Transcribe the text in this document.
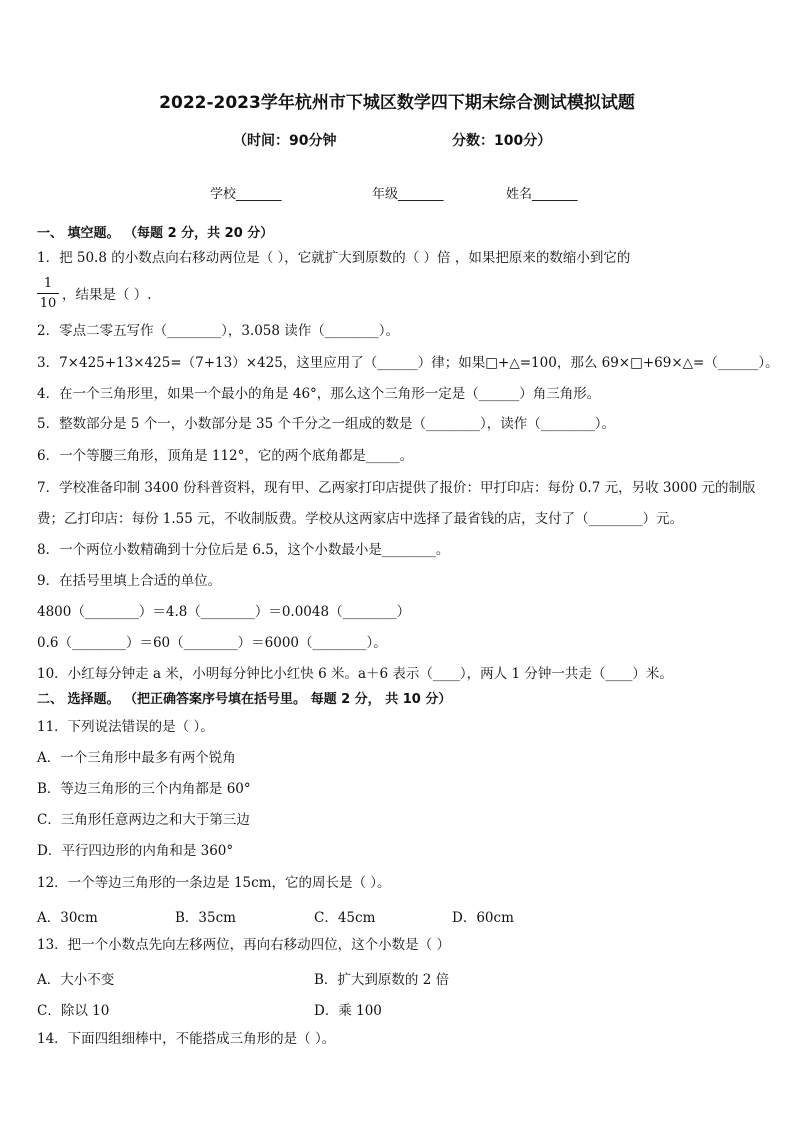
2022-2023学年杭州市下城区数学四下期末综合测试模拟试题
（时间：90分钟	分数：100分）
学校_______	年级_______	姓名_______
一、 填空题。 （每题 2 分，共 20 分）
1．把 50.8 的小数点向右移动两位是（ ），它就扩大到原数的（ ）倍 ，如果把原来的数缩小到它的
1
10
，结果是（ ）.
2．零点二零五写作（________），3.058 读作（________）。
3．7×425+13×425=（7+13）×425，这里应用了（______）律；如果□+△=100，那么 69×□+69×△=（______）。
4．在一个三角形里，如果一个最小的角是 46°，那么这个三角形一定是（______）角三角形。
5．整数部分是 5 个一，小数部分是 35 个千分之一组成的数是（________），读作（________）。
6．一个等腰三角形，顶角是 112°，它的两个底角都是_____。
7．学校准备印制 3400 份科普资料，现有甲、乙两家打印店提供了报价：甲打印店：每份 0.7 元，另收 3000 元的制版
费；乙打印店：每份 1.55 元，不收制版费。学校从这两家店中选择了最省钱的店，支付了（________）元。
8．一个两位小数精确到十分位后是 6.5，这个小数最小是________。
9．在括号里填上合适的单位。
4800（________）＝4.8（________）＝0.0048（________）
0.6（________）＝60（________）＝6000（________）。
10．小红每分钟走 a 米，小明每分钟比小红快 6 米。a＋6 表示（____），两人 1 分钟一共走（____）米。
二、 选择题。 （把正确答案序号填在括号里。 每题 2 分， 共 10 分）
11．下列说法错误的是（ ）。
A．一个三角形中最多有两个锐角
B．等边三角形的三个内角都是 60°
C．三角形任意两边之和大于第三边
D．平行四边形的内角和是 360°
12．一个等边三角形的一条边是 15cm，它的周长是（ ）。
A．30cm	B．35cm	C．45cm	D．60cm
13．把一个小数点先向左移两位，再向右移动四位，这个小数是（ ）
A．大小不变	B．扩大到原数的 2 倍
C．除以 10	D．乘 100
14．下面四组细棒中，不能搭成三角形的是（ ）。
